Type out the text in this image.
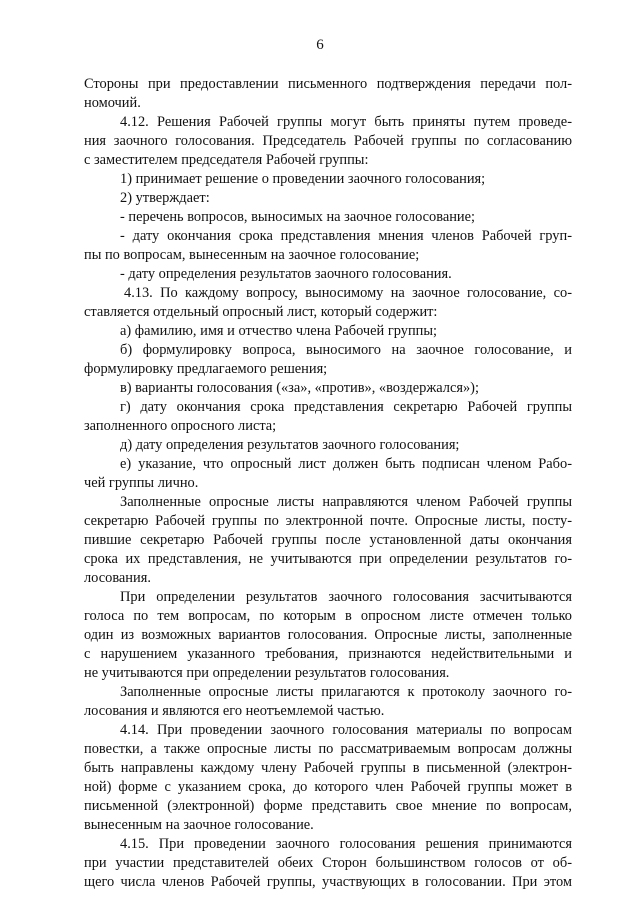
6
Стороны при предоставлении письменного подтверждения передачи пол-
номочий.
4.12. Решения Рабочей группы могут быть приняты путем проведе-
ния заочного голосования. Председатель Рабочей группы по согласованию
с заместителем председателя Рабочей группы:
1) принимает решение о проведении заочного голосования;
2) утверждает:
- перечень вопросов, выносимых на заочное голосование;
- дату окончания срока представления мнения членов Рабочей груп-
пы по вопросам, вынесенным на заочное голосование;
- дату определения результатов заочного голосования.
4.13. По каждому вопросу, выносимому на заочное голосование, со-
ставляется отдельный опросный лист, который содержит:
а) фамилию, имя и отчество члена Рабочей группы;
б) формулировку вопроса, выносимого на заочное голосование, и
формулировку предлагаемого решения;
в) варианты голосования («за», «против», «воздержался»);
г) дату окончания срока представления секретарю Рабочей группы
заполненного опросного листа;
д) дату определения результатов заочного голосования;
е) указание, что опросный лист должен быть подписан членом Рабо-
чей группы лично.
Заполненные опросные листы направляются членом Рабочей группы
секретарю Рабочей группы по электронной почте. Опросные листы, посту-
пившие секретарю Рабочей группы после установленной даты окончания
срока их представления, не учитываются при определении результатов го-
лосования.
При определении результатов заочного голосования засчитываются
голоса по тем вопросам, по которым в опросном листе отмечен только
один из возможных вариантов голосования. Опросные листы, заполненные
с нарушением указанного требования, признаются недействительными и
не учитываются при определении результатов голосования.
Заполненные опросные листы прилагаются к протоколу заочного го-
лосования и являются его неотъемлемой частью.
4.14. При проведении заочного голосования материалы по вопросам
повестки, а также опросные листы по рассматриваемым вопросам должны
быть направлены каждому члену Рабочей группы в письменной (электрон-
ной) форме с указанием срока, до которого член Рабочей группы может в
письменной (электронной) форме представить свое мнение по вопросам,
вынесенным на заочное голосование.
4.15. При проведении заочного голосования решения принимаются
при участии представителей обеих Сторон большинством голосов от об-
щего числа членов Рабочей группы, участвующих в голосовании. При этом
